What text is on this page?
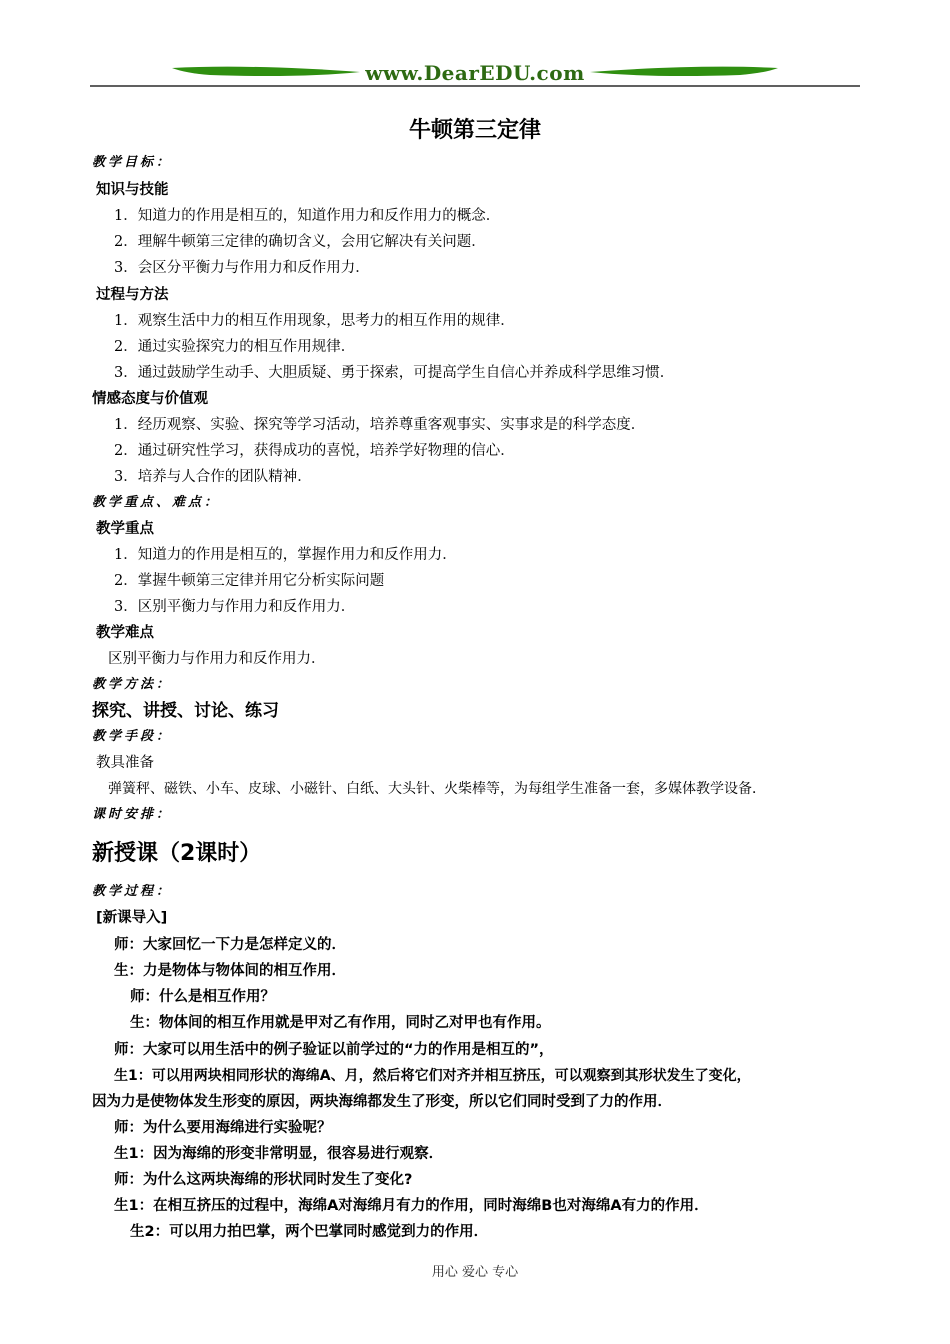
www.DearEDU.com
牛顿第三定律
教学目标：
知识与技能
1．知道力的作用是相互的，知道作用力和反作用力的概念．
2．理解牛顿第三定律的确切含义，会用它解决有关问题．
3．会区分平衡力与作用力和反作用力．
过程与方法
1．观察生活中力的相互作用现象，思考力的相互作用的规律．
2．通过实验探究力的相互作用规律．
3．通过鼓励学生动手、大胆质疑、勇于探索，可提高学生自信心并养成科学思维习惯．
情感态度与价值观
1．经历观察、实验、探究等学习活动，培养尊重客观事实、实事求是的科学态度．
2．通过研究性学习，获得成功的喜悦，培养学好物理的信心．
3．培养与人合作的团队精神．
教学重点、难点：
教学重点
1．知道力的作用是相互的，掌握作用力和反作用力．
2．掌握牛顿第三定律并用它分析实际问题
3．区别平衡力与作用力和反作用力．
教学难点
区别平衡力与作用力和反作用力．
教学方法：
探究、讲授、讨论、练习
教学手段：
教具准备
弹簧秤、磁铁、小车、皮球、小磁针、白纸、大头针、火柴棒等，为每组学生准备一套，多媒体教学设备．
课时安排：
新授课（2课时）
教学过程：
[新课导入]
师：大家回忆一下力是怎样定义的．
生：力是物体与物体间的相互作用．
师：什么是相互作用？
生：物体间的相互作用就是甲对乙有作用，同时乙对甲也有作用。
师：大家可以用生活中的例子验证以前学过的“力的作用是相互的”，
生1：可以用两块相同形状的海绵A、月，然后将它们对齐并相互挤压，可以观察到其形状发生了变化，
因为力是使物体发生形变的原因，两块海绵都发生了形变，所以它们同时受到了力的作用．
师：为什么要用海绵进行实验呢？
生1：因为海绵的形变非常明显，很容易进行观察．
师：为什么这两块海绵的形状同时发生了变化?
生1：在相互挤压的过程中，海绵A对海绵月有力的作用，同时海绵B也对海绵A有力的作用．
生2：可以用力拍巴掌，两个巴掌同时感觉到力的作用．
用心 爱心 专心
